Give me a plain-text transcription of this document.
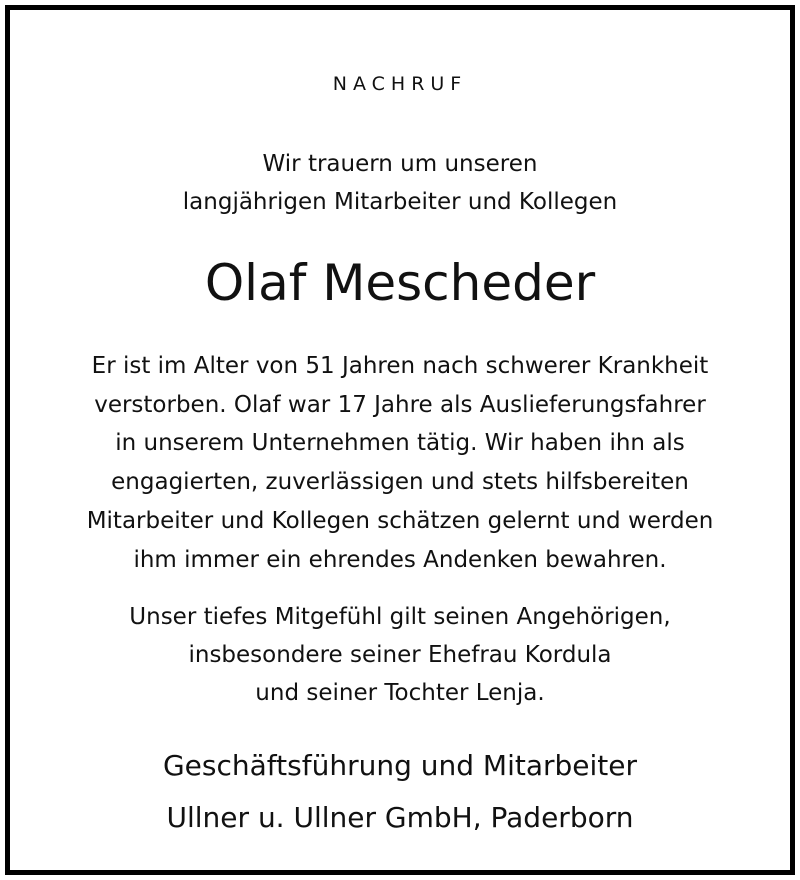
NACHRUF
Wir trauern um unseren
langjährigen Mitarbeiter und Kollegen
Olaf Mescheder
Er ist im Alter von 51 Jahren nach schwerer Krankheit
verstorben. Olaf war 17 Jahre als Auslieferungsfahrer
in unserem Unternehmen tätig. Wir haben ihn als
engagierten, zuverlässigen und stets hilfsbereiten
Mitarbeiter und Kollegen schätzen gelernt und werden
ihm immer ein ehrendes Andenken bewahren.
Unser tiefes Mitgefühl gilt seinen Angehörigen,
insbesondere seiner Ehefrau Kordula
und seiner Tochter Lenja.
Geschäftsführung und Mitarbeiter
Ullner u. Ullner GmbH, Paderborn
